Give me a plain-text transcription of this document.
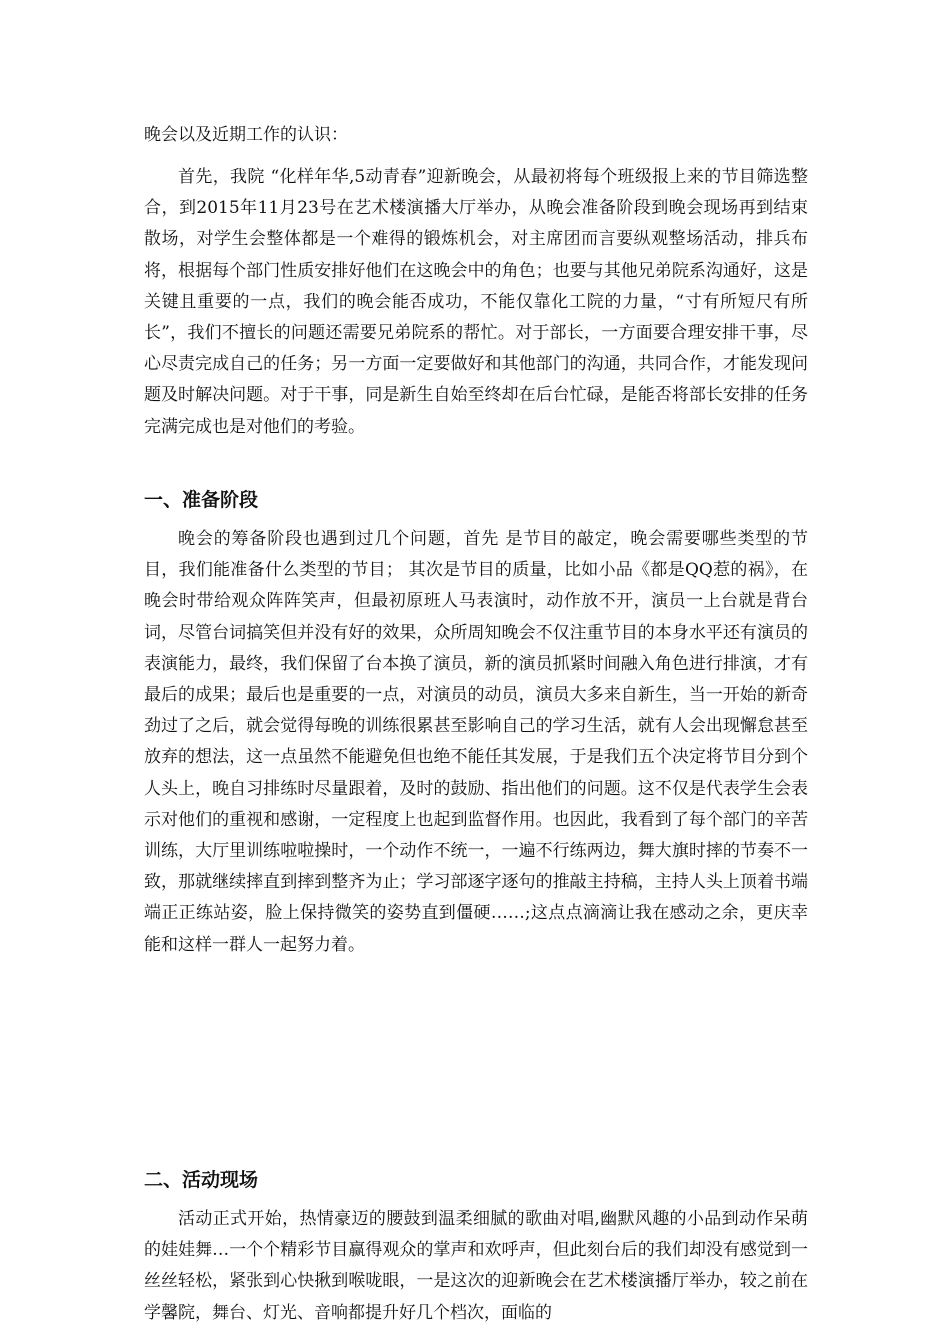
晚会以及近期工作的认识：

首先，我院 “化样年华,5动青春”迎新晚会，从最初将每个班级报上来的节目筛选整合，到2015年11月23号在艺术楼演播大厅举办，从晚会准备阶段到晚会现场再到结束散场，对学生会整体都是一个难得的锻炼机会，对主席团而言要纵观整场活动，排兵布将，根据每个部门性质安排好他们在这晚会中的角色；也要与其他兄弟院系沟通好，这是关键且重要的一点，我们的晚会能否成功，不能仅靠化工院的力量，“寸有所短尺有所长”，我们不擅长的问题还需要兄弟院系的帮忙。对于部长，一方面要合理安排干事，尽心尽责完成自己的任务；另一方面一定要做好和其他部门的沟通，共同合作，才能发现问题及时解决问题。对于干事，同是新生自始至终却在后台忙碌，是能否将部长安排的任务完满完成也是对他们的考验。

一、准备阶段

晚会的筹备阶段也遇到过几个问题，首先 是节目的敲定，晚会需要哪些类型的节目，我们能准备什么类型的节目； 其次是节目的质量，比如小品《都是QQ惹的祸》，在晚会时带给观众阵阵笑声，但最初原班人马表演时，动作放不开，演员一上台就是背台词，尽管台词搞笑但并没有好的效果，众所周知晚会不仅注重节目的本身水平还有演员的表演能力，最终，我们保留了台本换了演员，新的演员抓紧时间融入角色进行排演，才有最后的成果；最后也是重要的一点，对演员的动员，演员大多来自新生，当一开始的新奇劲过了之后，就会觉得每晚的训练很累甚至影响自己的学习生活，就有人会出现懈怠甚至放弃的想法，这一点虽然不能避免但也绝不能任其发展，于是我们五个决定将节目分到个人头上，晚自习排练时尽量跟着，及时的鼓励、指出他们的问题。这不仅是代表学生会表示对他们的重视和感谢，一定程度上也起到监督作用。也因此，我看到了每个部门的辛苦训练，大厅里训练啦啦操时，一个动作不统一，一遍不行练两边，舞大旗时摔的节奏不一致，那就继续摔直到摔到整齐为止；学习部逐字逐句的推敲主持稿，主持人头上顶着书端端正正练站姿，脸上保持微笑的姿势直到僵硬……;这点点滴滴让我在感动之余，更庆幸能和这样一群人一起努力着。

二、活动现场

活动正式开始，热情豪迈的腰鼓到温柔细腻的歌曲对唱,幽默风趣的小品到动作呆萌的娃娃舞…一个个精彩节目赢得观众的掌声和欢呼声，但此刻台后的我们却没有感觉到一丝丝轻松，紧张到心快揪到喉咙眼，一是这次的迎新晚会在艺术楼演播厅举办，较之前在学馨院，舞台、灯光、音响都提升好几个档次，面临的
